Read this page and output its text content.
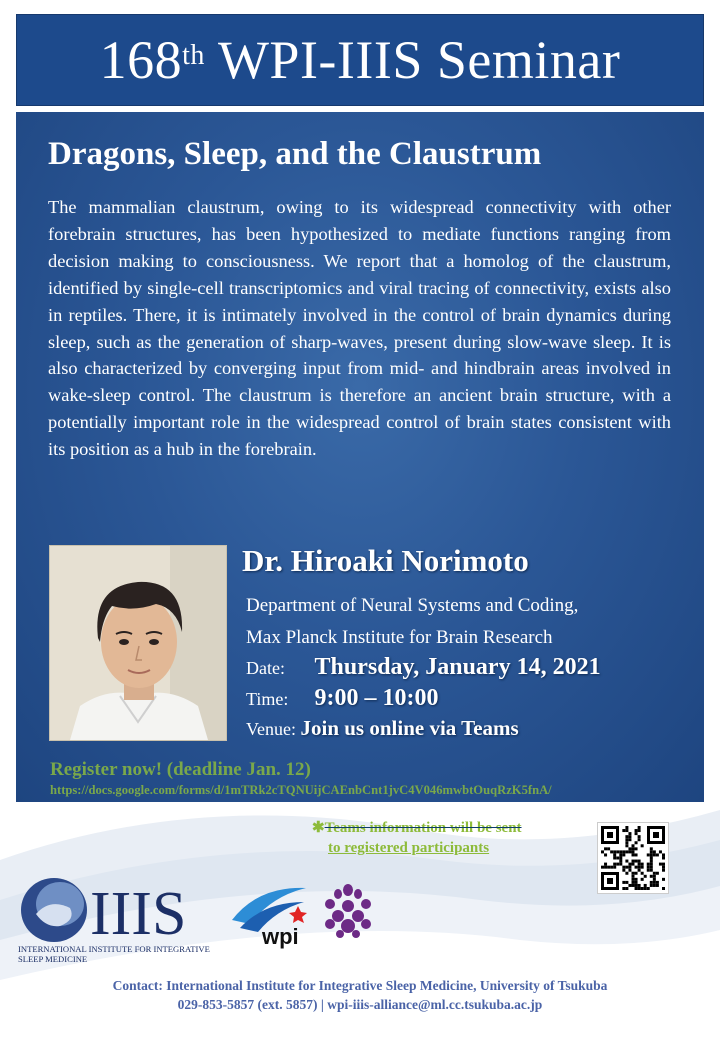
168th WPI-IIIS Seminar
Dragons, Sleep, and the Claustrum
The mammalian claustrum, owing to its widespread connectivity with other forebrain structures, has been hypothesized to mediate functions ranging from decision making to consciousness. We report that a homolog of the claustrum, identified by single-cell transcriptomics and viral tracing of connectivity, exists also in reptiles. There, it is intimately involved in the control of brain dynamics during sleep, such as the generation of sharp-waves, present during slow-wave sleep. It is also characterized by converging input from mid- and hindbrain areas involved in wake-sleep control. The claustrum is therefore an ancient brain structure, with a potentially important role in the widespread control of brain states consistent with its position as a hub in the forebrain.
Dr. Hiroaki Norimoto
Department of Neural Systems and Coding,
Max Planck Institute for Brain Research
Date: Thursday, January 14, 2021
Time: 9:00 – 10:00
Venue: Join us online via Teams
Register now! (deadline Jan. 12)
https://docs.google.com/forms/d/1mTRk2cTQNUijCAEnbCnt1jvC4V046mwbtOuqRzK5fnA/
✱Teams information will be sent
to registered participants
IIIS
INTERNATIONAL INSTITUTE FOR INTEGRATIVE
SLEEP MEDICINE
wpi
Contact: International Institute for Integrative Sleep Medicine, University of Tsukuba
029-853-5857 (ext. 5857) | wpi-iiis-alliance@ml.cc.tsukuba.ac.jp
